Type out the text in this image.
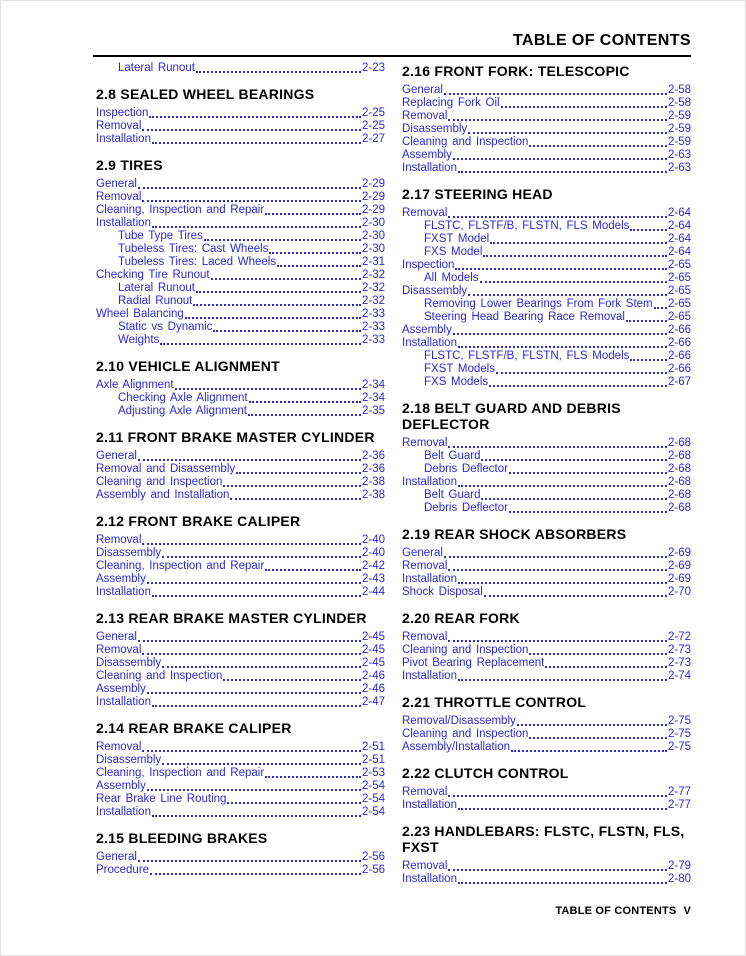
TABLE OF CONTENTS
Lateral Runout	2-23
2.8 SEALED WHEEL BEARINGS
Inspection	2-25
Removal	2-25
Installation	2-27
2.9 TIRES
General	2-29
Removal	2-29
Cleaning, Inspection and Repair	2-29
Installation	2-30
Tube Type Tires	2-30
Tubeless Tires: Cast Wheels	2-30
Tubeless Tires: Laced Wheels	2-31
Checking Tire Runout	2-32
Lateral Runout	2-32
Radial Runout	2-32
Wheel Balancing	2-33
Static vs Dynamic	2-33
Weights	2-33
2.10 VEHICLE ALIGNMENT
Axle Alignment	2-34
Checking Axle Alignment	2-34
Adjusting Axle Alignment	2-35
2.11 FRONT BRAKE MASTER CYLINDER
General	2-36
Removal and Disassembly	2-36
Cleaning and Inspection	2-38
Assembly and Installation	2-38
2.12 FRONT BRAKE CALIPER
Removal	2-40
Disassembly	2-40
Cleaning, Inspection and Repair	2-42
Assembly	2-43
Installation	2-44
2.13 REAR BRAKE MASTER CYLINDER
General	2-45
Removal	2-45
Disassembly	2-45
Cleaning and Inspection	2-46
Assembly	2-46
Installation	2-47
2.14 REAR BRAKE CALIPER
Removal	2-51
Disassembly	2-51
Cleaning, Inspection and Repair	2-53
Assembly	2-54
Rear Brake Line Routing	2-54
Installation	2-54
2.15 BLEEDING BRAKES
General	2-56
Procedure	2-56
2.16 FRONT FORK: TELESCOPIC
General	2-58
Replacing Fork Oil	2-58
Removal	2-59
Disassembly	2-59
Cleaning and Inspection	2-59
Assembly	2-63
Installation	2-63
2.17 STEERING HEAD
Removal	2-64
FLSTC, FLSTF/B, FLSTN, FLS Models	2-64
FXST Model	2-64
FXS Model	2-64
Inspection	2-65
All Models	2-65
Disassembly	2-65
Removing Lower Bearings From Fork Stem 2-65
Steering Head Bearing Race Removal	2-65
Assembly	2-66
Installation	2-66
FLSTC, FLSTF/B, FLSTN, FLS Models	2-66
FXST Models	2-66
FXS Models	2-67
2.18 BELT GUARD AND DEBRIS DEFLECTOR
Removal	2-68
Belt Guard	2-68
Debris Deflector	2-68
Installation	2-68
Belt Guard	2-68
Debris Deflector	2-68
2.19 REAR SHOCK ABSORBERS
General	2-69
Removal	2-69
Installation	2-69
Shock Disposal	2-70
2.20 REAR FORK
Removal	2-72
Cleaning and Inspection	2-73
Pivot Bearing Replacement	2-73
Installation	2-74
2.21 THROTTLE CONTROL
Removal/Disassembly	2-75
Cleaning and Inspection	2-75
Assembly/Installation	2-75
2.22 CLUTCH CONTROL
Removal	2-77
Installation	2-77
2.23 HANDLEBARS: FLSTC, FLSTN, FLS, FXST
Removal	2-79
Installation	2-80
TABLE OF CONTENTS V
